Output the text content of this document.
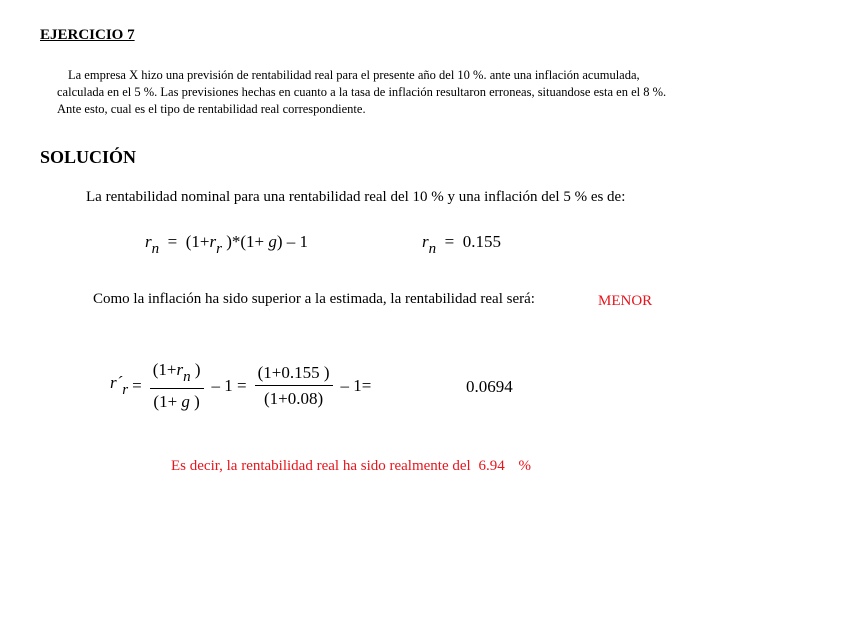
EJERCICIO 7
La empresa X hizo una previsión de rentabilidad real para el presente año del 10 %. ante una inflación acumulada,
calculada en el 5 %. Las previsiones hechas en cuanto a la tasa de inflación resultaron erroneas, situandose esta en el 8 %.
Ante esto, cual es el tipo de rentabilidad real correspondiente.
SOLUCIÓN
La rentabilidad nominal para una rentabilidad real del 10 % y una inflación del 5 % es de:
$r_n = (1+r_r$ )*(1+ g) – 1	$r_n = 0.155$
Como la inflación ha sido superior a la estimada, la rentabilidad real será:	MENOR
$r´_r = \frac{(1+r_n )}{(1+ g )} - 1 = \frac{(1+0.155 )}{(1+0.08)} - 1=$	0.0694
Es decir, la rentabilidad real ha sido realmente del 6.94 %
